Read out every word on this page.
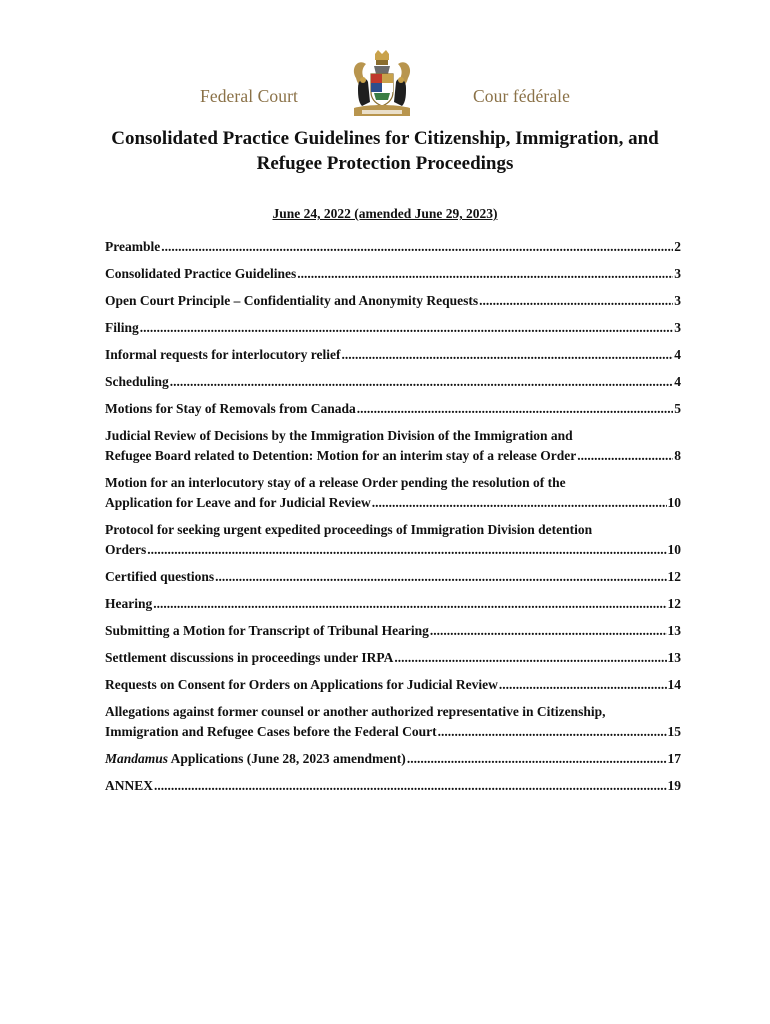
Federal Court	Cour fédérale
Consolidated Practice Guidelines for Citizenship, Immigration, and
Refugee Protection Proceedings
June 24, 2022 (amended June 29, 2023)
Preamble .....	2
Consolidated Practice Guidelines .....	3
Open Court Principle – Confidentiality and Anonymity Requests .....	3
Filing .....	3
Informal requests for interlocutory relief .....	4
Scheduling .....	4
Motions for Stay of Removals from Canada .....	5
Judicial Review of Decisions by the Immigration Division of the Immigration and
Refugee Board related to Detention: Motion for an interim stay of a release Order .....	8
Motion for an interlocutory stay of a release Order pending the resolution of the
Application for Leave and for Judicial Review .....	10
Protocol for seeking urgent expedited proceedings of Immigration Division detention
Orders .....	10
Certified questions .....	12
Hearing .....	12
Submitting a Motion for Transcript of Tribunal Hearing .....	13
Settlement discussions in proceedings under IRPA .....	13
Requests on Consent for Orders on Applications for Judicial Review .....	14
Allegations against former counsel or another authorized representative in Citizenship,
Immigration and Refugee Cases before the Federal Court .....	15
Mandamus Applications (June 28, 2023 amendment) .....	17
ANNEX .....	19
